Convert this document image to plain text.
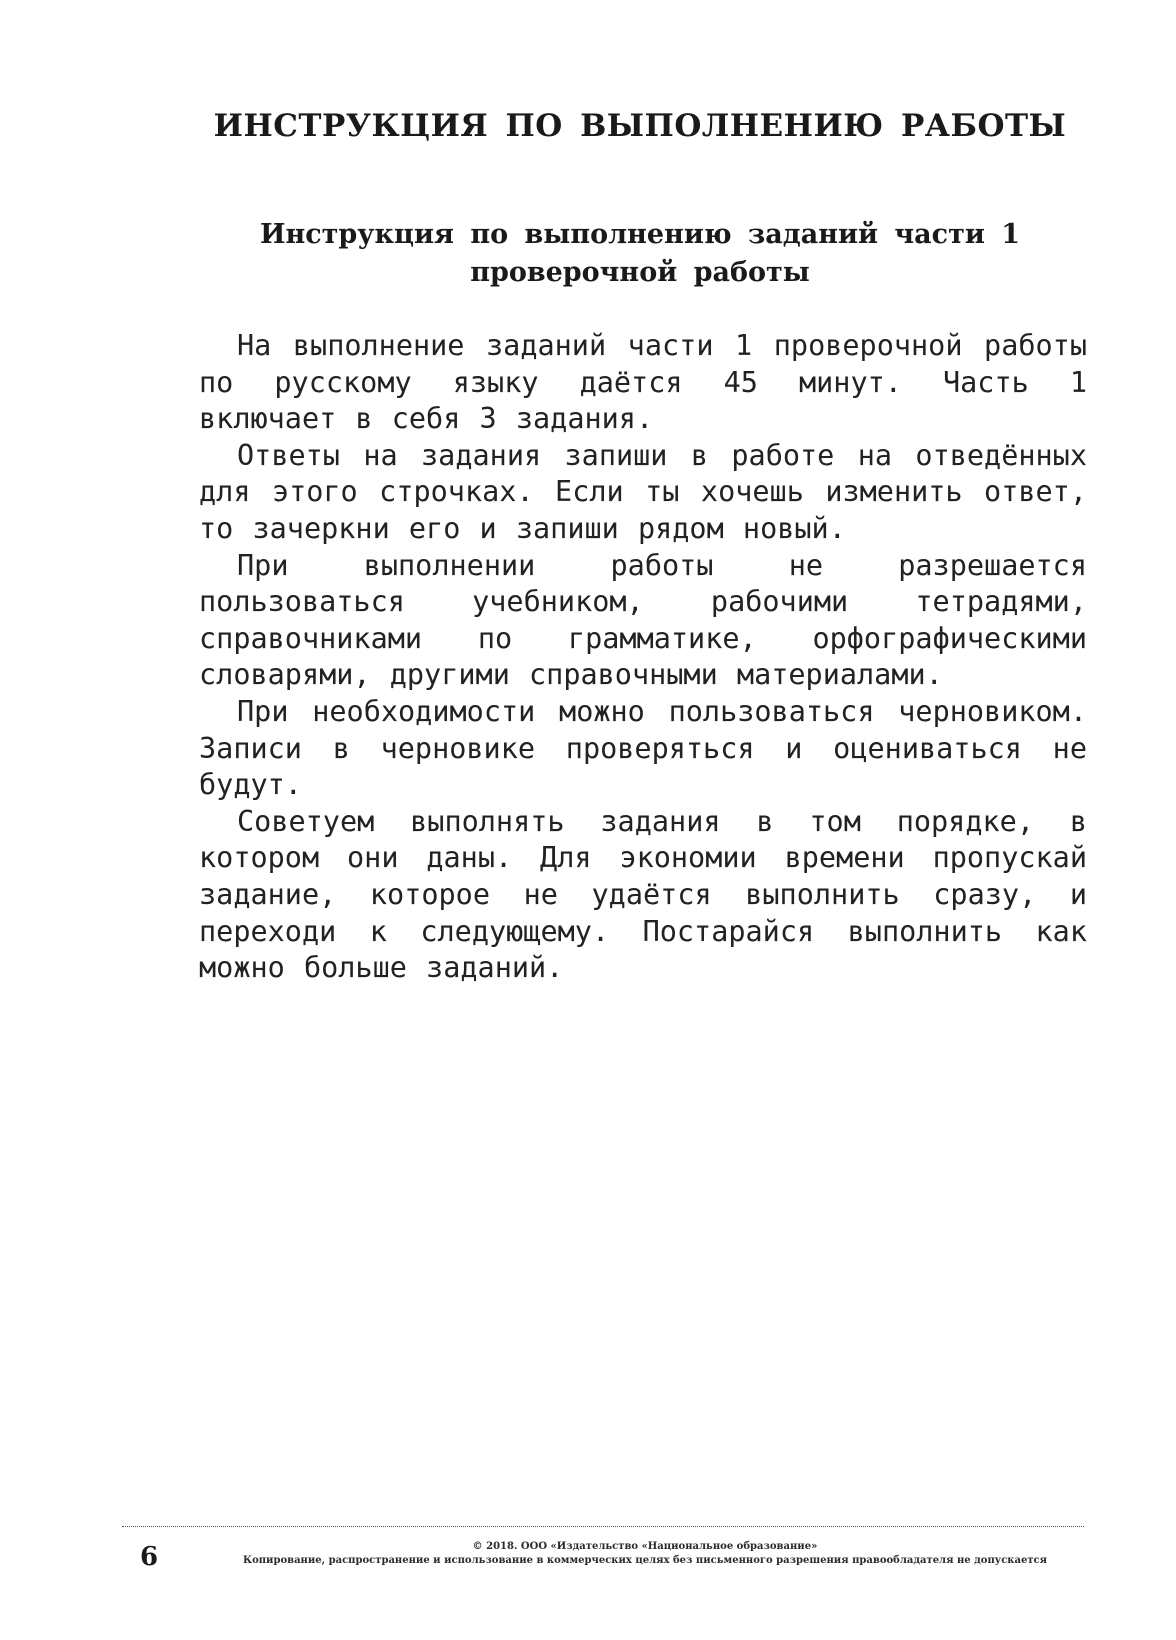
ИНСТРУКЦИЯ ПО ВЫПОЛНЕНИЮ РАБОТЫ
Инструкция по выполнению заданий части 1
проверочной работы

На выполнение заданий части 1 проверочной работы по русскому языку даётся 45 минут. Часть 1 включает в себя 3 задания.

Ответы на задания запиши в работе на отведённых для этого строчках. Если ты хочешь изменить ответ, то зачеркни его и запиши рядом новый.

При выполнении работы не разрешается пользоваться учебником, рабочими тетрадями, справочниками по грамматике, орфографическими словарями, другими справочными материалами.

При необходимости можно пользоваться черновиком. Записи в черновике проверяться и оцениваться не будут.

Советуем выполнять задания в том порядке, в котором они даны. Для экономии времени пропускай задание, которое не удаётся выполнить сразу, и переходи к следующему. Постарайся выполнить как можно больше заданий.

6	© 2018. ООО «Издательство «Национальное образование»
Копирование, распространение и использование в коммерческих целях без письменного разрешения правообладателя не допускается
